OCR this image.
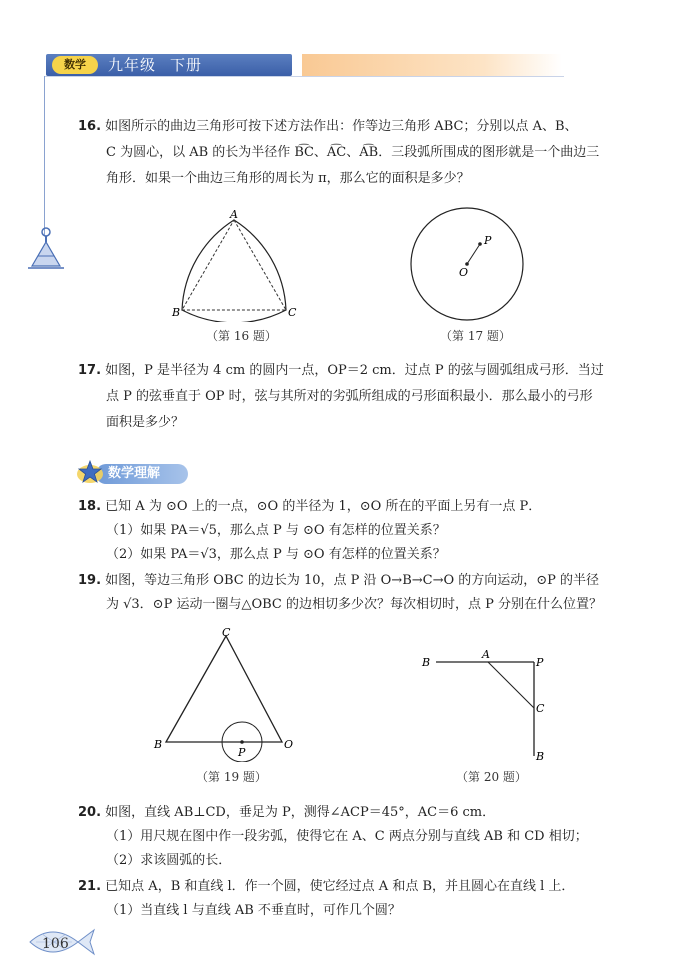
数学	九年级 下册
16. 如图所示的曲边三角形可按下述方法作出：作等边三角形 ABC；分别以点 A、B、
C 为圆心，以 AB 的长为半径作 B͡C、A͡C、A͡B．三段弧所围成的图形就是一个曲边三
角形．如果一个曲边三角形的周长为 π，那么它的面积是多少？
A
B	C
（第 16 题）
P
O
（第 17 题）
17. 如图，P 是半径为 4 cm 的圆内一点，OP＝2 cm．过点 P 的弦与圆弧组成弓形．当过
点 P 的弦垂直于 OP 时，弦与其所对的劣弧所组成的弓形面积最小．那么最小的弓形
面积是多少？
数学理解
18. 已知 A 为 ⊙O 上的一点，⊙O 的半径为 1，⊙O 所在的平面上另有一点 P．
（1）如果 PA＝√5，那么点 P 与 ⊙O 有怎样的位置关系？
（2）如果 PA＝√3，那么点 P 与 ⊙O 有怎样的位置关系？
19. 如图，等边三角形 OBC 的边长为 10，点 P 沿 O→B→C→O 的方向运动，⊙P 的半径
为 √3．⊙P 运动一圈与△OBC 的边相切多少次？每次相切时，点 P 分别在什么位置？
C
B	O
P
（第 19 题）
B
A
P
C
B
（第 20 题）
20. 如图，直线 AB⊥CD，垂足为 P，测得∠ACP＝45°，AC＝6 cm．
（1）用尺规在图中作一段劣弧，使得它在 A、C 两点分别与直线 AB 和 CD 相切；
（2）求该圆弧的长．
21. 已知点 A，B 和直线 l．作一个圆，使它经过点 A 和点 B，并且圆心在直线 l 上．
（1）当直线 l 与直线 AB 不垂直时，可作几个圆？
106
